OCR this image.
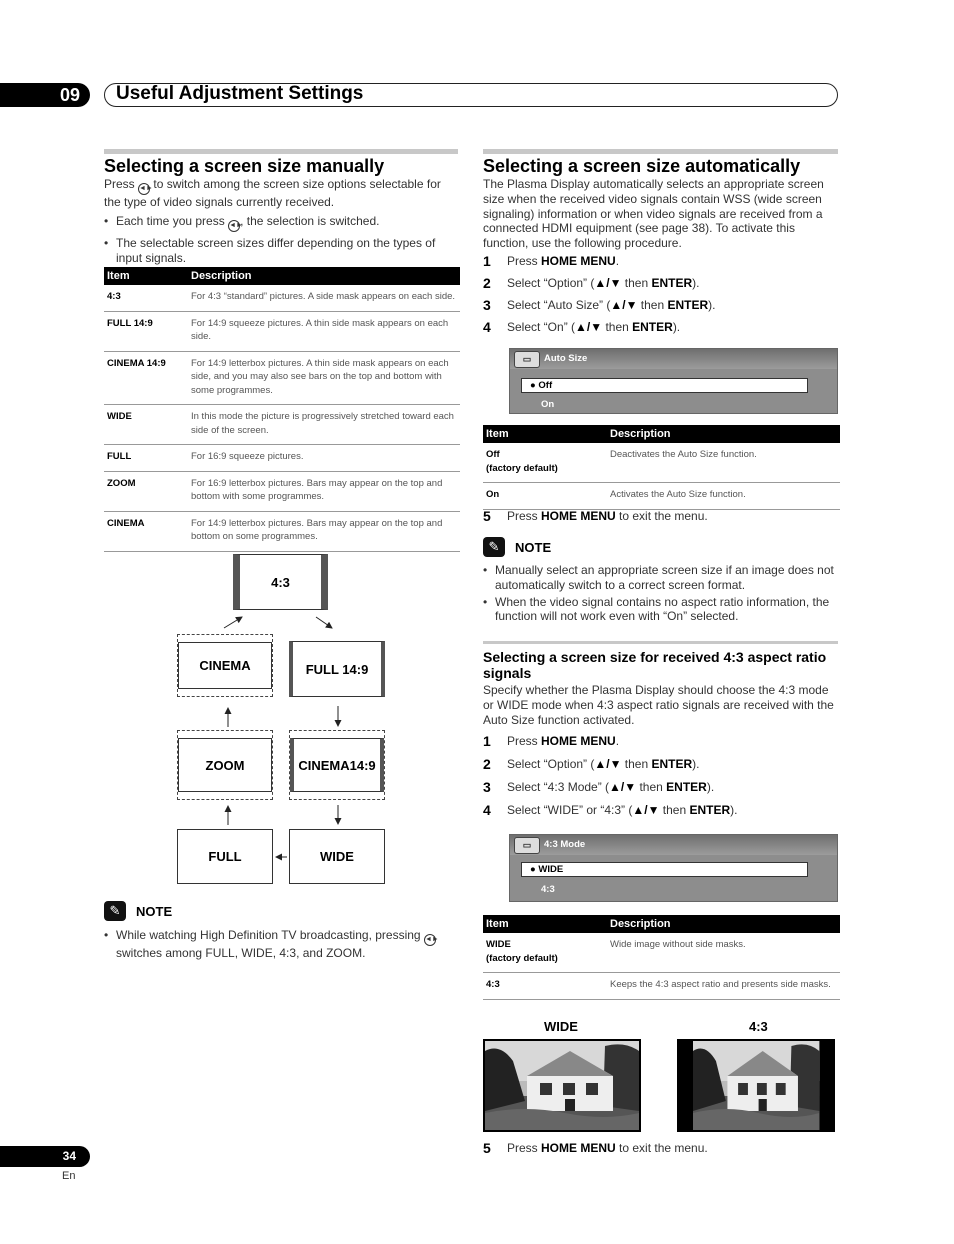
09	Useful Adjustment Settings
Selecting a screen size manually
Press ◄► to switch among the screen size options selectable for the type of video signals currently received.
• Each time you press ◄►, the selection is switched.
• The selectable screen sizes differ depending on the types of input signals.
Item	Description
4:3	For 4:3 “standard” pictures. A side mask appears on each side.
FULL 14:9	For 14:9 squeeze pictures. A thin side mask appears on each side.
CINEMA 14:9	For 14:9 letterbox pictures. A thin side mask appears on each side, and you may also see bars on the top and bottom with some programmes.
WIDE	In this mode the picture is progressively stretched toward each side of the screen.
FULL	For 16:9 squeeze pictures.
ZOOM	For 16:9 letterbox pictures. Bars may appear on the top and bottom with some programmes.
CINEMA	For 14:9 letterbox pictures. Bars may appear on the top and bottom on some programmes.
4:3
CINEMA	FULL 14:9
ZOOM	CINEMA14:9
FULL	WIDE
✎	NOTE
• While watching High Definition TV broadcasting, pressing ◄► switches among FULL, WIDE, 4:3, and ZOOM.
Selecting a screen size automatically
The Plasma Display automatically selects an appropriate screen size when the received video signals contain WSS (wide screen signaling) information or when video signals are received from a connected HDMI equipment (see page 38). To activate this function, use the following procedure.
1	Press HOME MENU.
2	Select “Option” (▲/▼ then ENTER).
3	Select “Auto Size” (▲/▼ then ENTER).
4	Select “On” (▲/▼ then ENTER).
▭	Auto Size
● Off
On
Item	Description

Off
(factory default)	Deactivates the Auto Size function.
On	Activates the Auto Size function.
5	Press HOME MENU to exit the menu.
✎	NOTE
• Manually select an appropriate screen size if an image does not automatically switch to a correct screen format.
• When the video signal contains no aspect ratio information, the function will not work even with “On” selected.
Selecting a screen size for received 4:3 aspect ratio signals
Specify whether the Plasma Display should choose the 4:3 mode or WIDE mode when 4:3 aspect ratio signals are received with the Auto Size function activated.
1	Press HOME MENU.
2	Select “Option” (▲/▼ then ENTER).
3	Select “4:3 Mode” (▲/▼ then ENTER).
4	Select “WIDE” or “4:3” (▲/▼ then ENTER).
▭	4:3 Mode
● WIDE
4:3
Item	Description

WIDE
(factory default)	Wide image without side masks.
4:3	Keeps the 4:3 aspect ratio and presents side masks.
WIDE	4:3
5	Press HOME MENU to exit the menu.
34
En
